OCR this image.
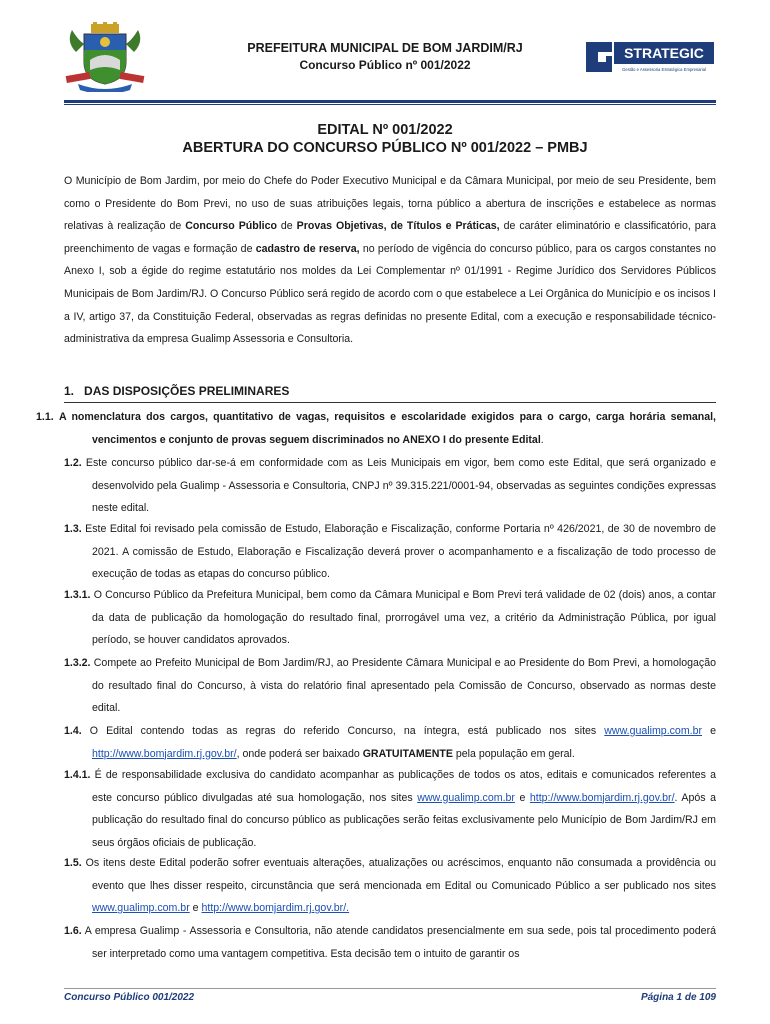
PREFEITURA MUNICIPAL DE BOM JARDIM/RJ
Concurso Público nº 001/2022
STRATEGIC
Gestão e Assessoria Estratégica Empresarial
EDITAL Nº 001/2022
ABERTURA DO CONCURSO PÚBLICO Nº 001/2022 – PMBJ
O Município de Bom Jardim, por meio do Chefe do Poder Executivo Municipal e da Câmara Municipal, por meio de seu Presidente, bem como o Presidente do Bom Previ, no uso de suas atribuições legais, torna público a abertura de inscrições e estabelece as normas relativas à realização de Concurso Público de Provas Objetivas, de Títulos e Práticas, de caráter eliminatório e classificatório, para preenchimento de vagas e formação de cadastro de reserva, no período de vigência do concurso público, para os cargos constantes no Anexo I, sob a égide do regime estatutário nos moldes da Lei Complementar nº 01/1991 - Regime Jurídico dos Servidores Públicos Municipais de Bom Jardim/RJ. O Concurso Público será regido de acordo com o que estabelece a Lei Orgânica do Município e os incisos I a IV, artigo 37, da Constituição Federal, observadas as regras definidas no presente Edital, com a execução e responsabilidade técnico-administrativa da empresa Gualimp Assessoria e Consultoria.
1. DAS DISPOSIÇÕES PRELIMINARES
1.1. A nomenclatura dos cargos, quantitativo de vagas, requisitos e escolaridade exigidos para o cargo, carga horária semanal, vencimentos e conjunto de provas seguem discriminados no ANEXO I do presente Edital.
1.2. Este concurso público dar-se-á em conformidade com as Leis Municipais em vigor, bem como este Edital, que será organizado e desenvolvido pela Gualimp - Assessoria e Consultoria, CNPJ nº 39.315.221/0001-94, observadas as seguintes condições expressas neste edital.
1.3. Este Edital foi revisado pela comissão de Estudo, Elaboração e Fiscalização, conforme Portaria nº 426/2021, de 30 de novembro de 2021. A comissão de Estudo, Elaboração e Fiscalização deverá prover o acompanhamento e a fiscalização de todo processo de execução de todas as etapas do concurso público.
1.3.1. O Concurso Público da Prefeitura Municipal, bem como da Câmara Municipal e Bom Previ terá validade de 02 (dois) anos, a contar da data de publicação da homologação do resultado final, prorrogável uma vez, a critério da Administração Pública, por igual período, se houver candidatos aprovados.
1.3.2. Compete ao Prefeito Municipal de Bom Jardim/RJ, ao Presidente Câmara Municipal e ao Presidente do Bom Previ, a homologação do resultado final do Concurso, à vista do relatório final apresentado pela Comissão de Concurso, observado as normas deste edital.
1.4. O Edital contendo todas as regras do referido Concurso, na íntegra, está publicado nos sites www.gualimp.com.br e http://www.bomjardim.rj.gov.br/, onde poderá ser baixado GRATUITAMENTE pela população em geral.
1.4.1. É de responsabilidade exclusiva do candidato acompanhar as publicações de todos os atos, editais e comunicados referentes a este concurso público divulgadas até sua homologação, nos sites www.gualimp.com.br e http://www.bomjardim.rj.gov.br/. Após a publicação do resultado final do concurso público as publicações serão feitas exclusivamente pelo Município de Bom Jardim/RJ em seus órgãos oficiais de publicação.
1.5. Os itens deste Edital poderão sofrer eventuais alterações, atualizações ou acréscimos, enquanto não consumada a providência ou evento que lhes disser respeito, circunstância que será mencionada em Edital ou Comunicado Público a ser publicado nos sites www.gualimp.com.br e http://www.bomjardim.rj.gov.br/.
1.6. A empresa Gualimp - Assessoria e Consultoria, não atende candidatos presencialmente em sua sede, pois tal procedimento poderá ser interpretado como uma vantagem competitiva. Esta decisão tem o intuito de garantir os
Concurso Público 001/2022	Página 1 de 109
